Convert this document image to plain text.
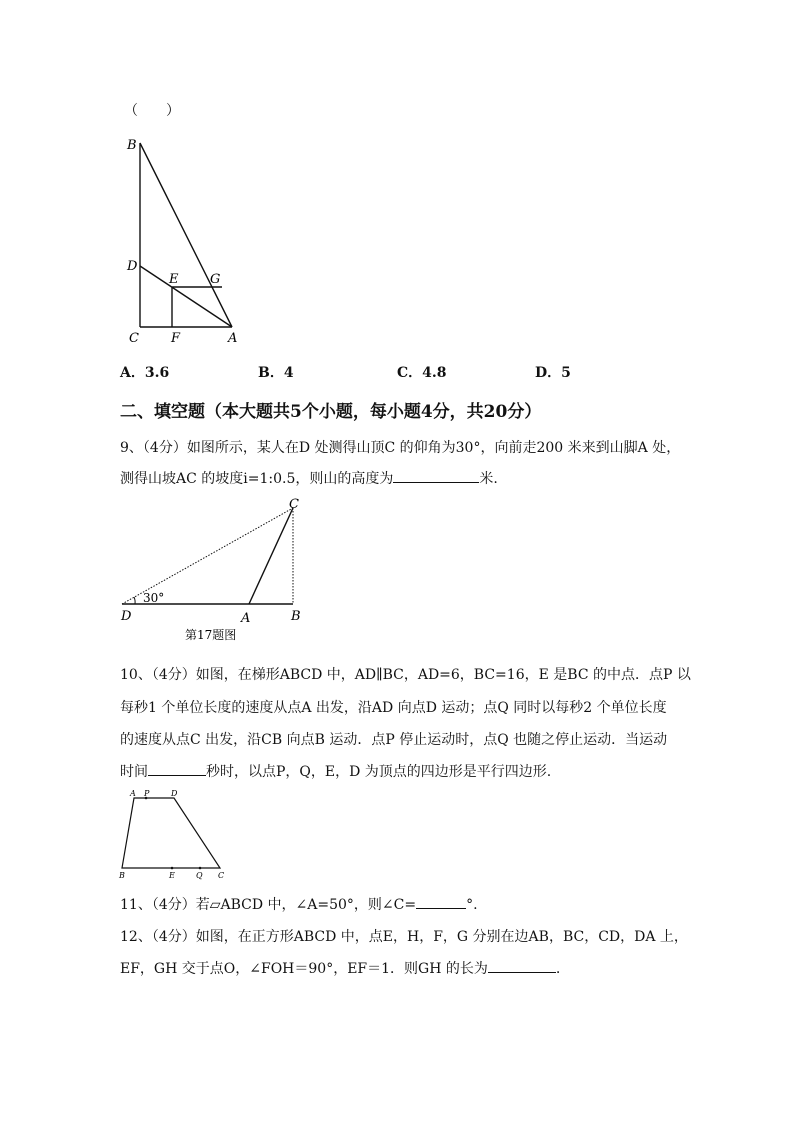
（　　）
B
D
E G
C F	A
A．3.6	B．4	C．4.8	D．5
二、填空题（本大题共5个小题，每小题4分，共20分）
9、（4分）如图所示，某人在D 处测得山顶C 的仰角为30°，向前走200 米来到山脚A 处，
测得山坡AC 的坡度i=1:0.5，则山的高度为	米.
C
30°
D	A	B
第17题图
10、（4分）如图，在梯形ABCD 中，AD∥BC，AD=6，BC=16，E 是BC 的中点．点P 以
每秒1 个单位长度的速度从点A 出发，沿AD 向点D 运动；点Q 同时以每秒2 个单位长度
的速度从点C 出发，沿CB 向点B 运动．点P 停止运动时，点Q 也随之停止运动．当运动
时间	秒时，以点P，Q，E，D 为顶点的四边形是平行四边形.
A P	D
B	E	Q C
11、（4分）若▱ABCD 中，∠A=50°，则∠C=	°.
12、（4分）如图，在正方形ABCD 中，点E，H，F，G 分别在边AB，BC，CD，DA 上，
EF，GH 交于点O，∠FOH＝90°，EF＝1．则GH 的长为	.
